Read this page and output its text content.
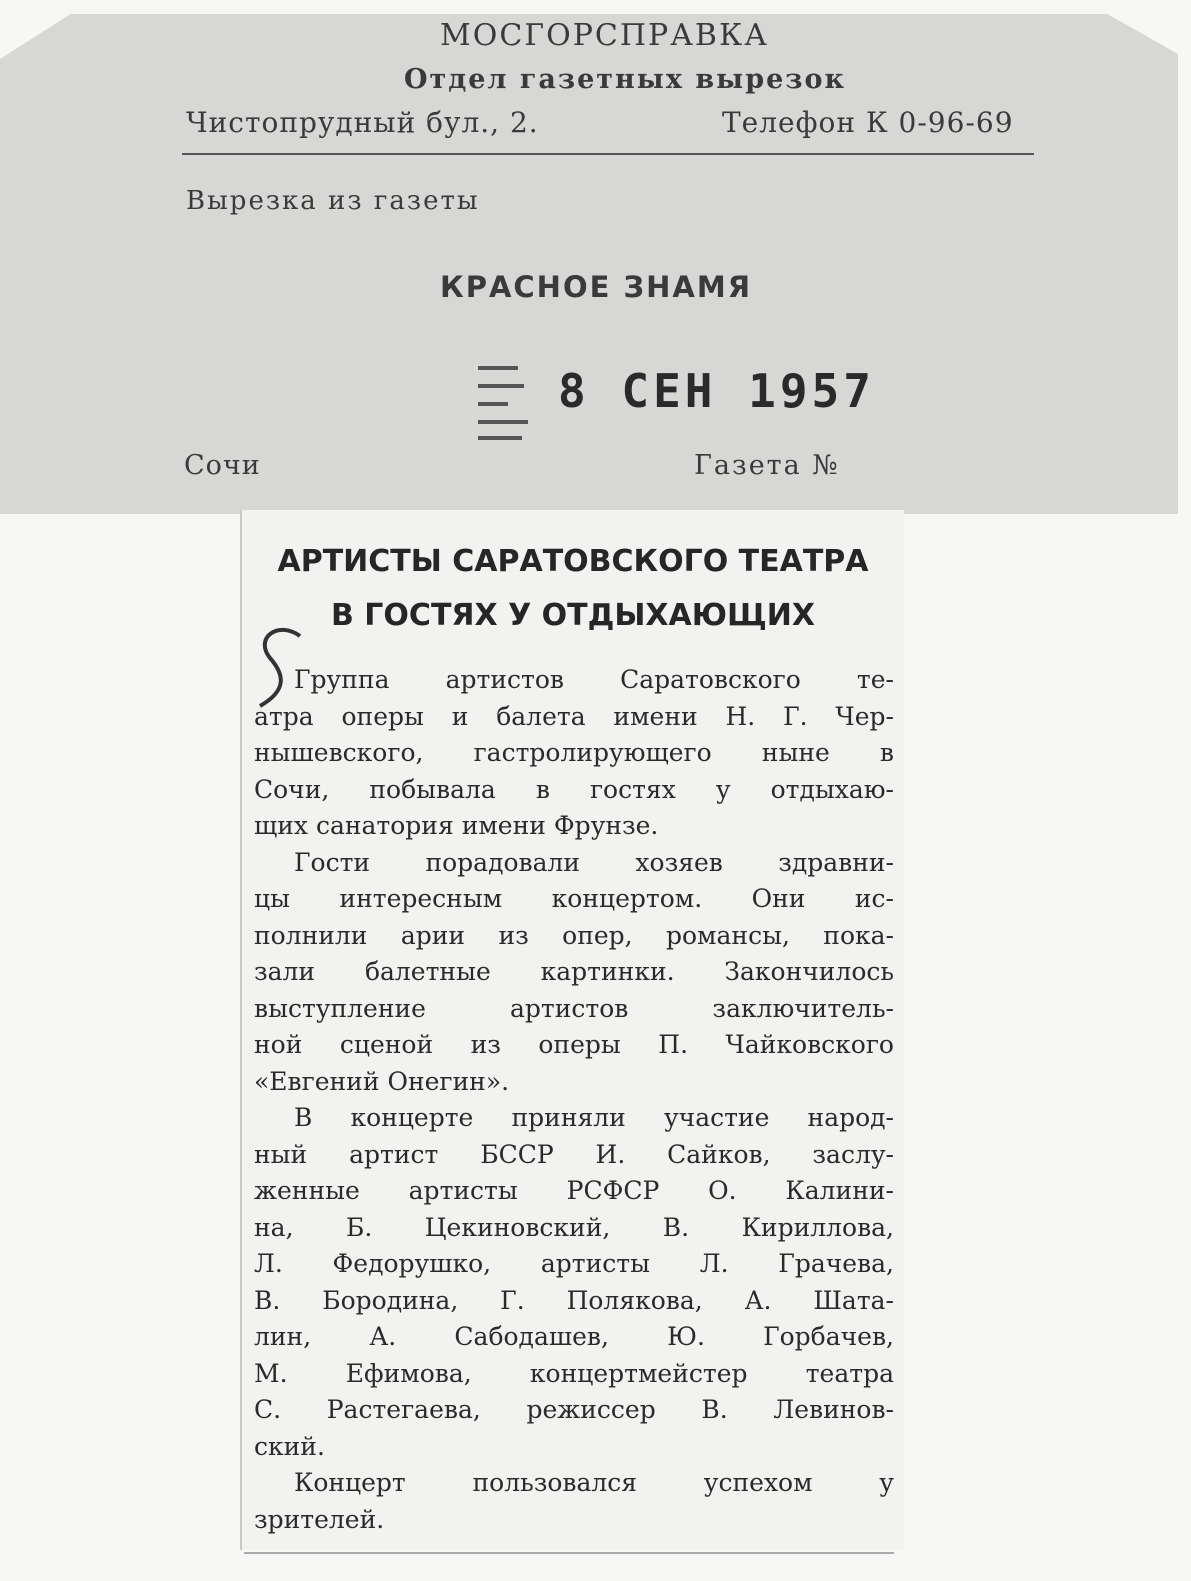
МОСГОРСПРАВКА
Отдел газетных вырезок
Чистопрудный бул., 2.	Телефон К 0-96-69
Вырезка из газеты
КРАСНОЕ ЗНАМЯ
8 СЕН 1957
Сочи	Газета №
АРТИСТЫ САРАТОВСКОГО ТЕАТРА
В ГОСТЯХ У ОТДЫХАЮЩИХ
Группа артистов Саратовского те-
атра оперы и балета имени Н. Г. Чер-
нышевского, гастролирующего ныне в
Сочи, побывала в гостях у отдыхаю-
щих санатория имени Фрунзе.
Гости порадовали хозяев здравни-
цы интересным концертом. Они ис-
полнили арии из опер, романсы, пока-
зали балетные картинки. Закончилось
выступление артистов заключитель-
ной сценой из оперы П. Чайковского
«Евгений Онегин».
В концерте приняли участие народ-
ный артист БССР И. Сайков, заслу-
женные артисты РСФСР О. Калини-
на, Б. Цекиновский, В. Кириллова,
Л. Федорушко, артисты Л. Грачева,
В. Бородина, Г. Полякова, А. Шата-
лин, А. Сабодашев, Ю. Горбачев,
М. Ефимова, концертмейстер театра
С. Растегаева, режиссер В. Левинов-
ский.
Концерт пользовался успехом у
зрителей.
